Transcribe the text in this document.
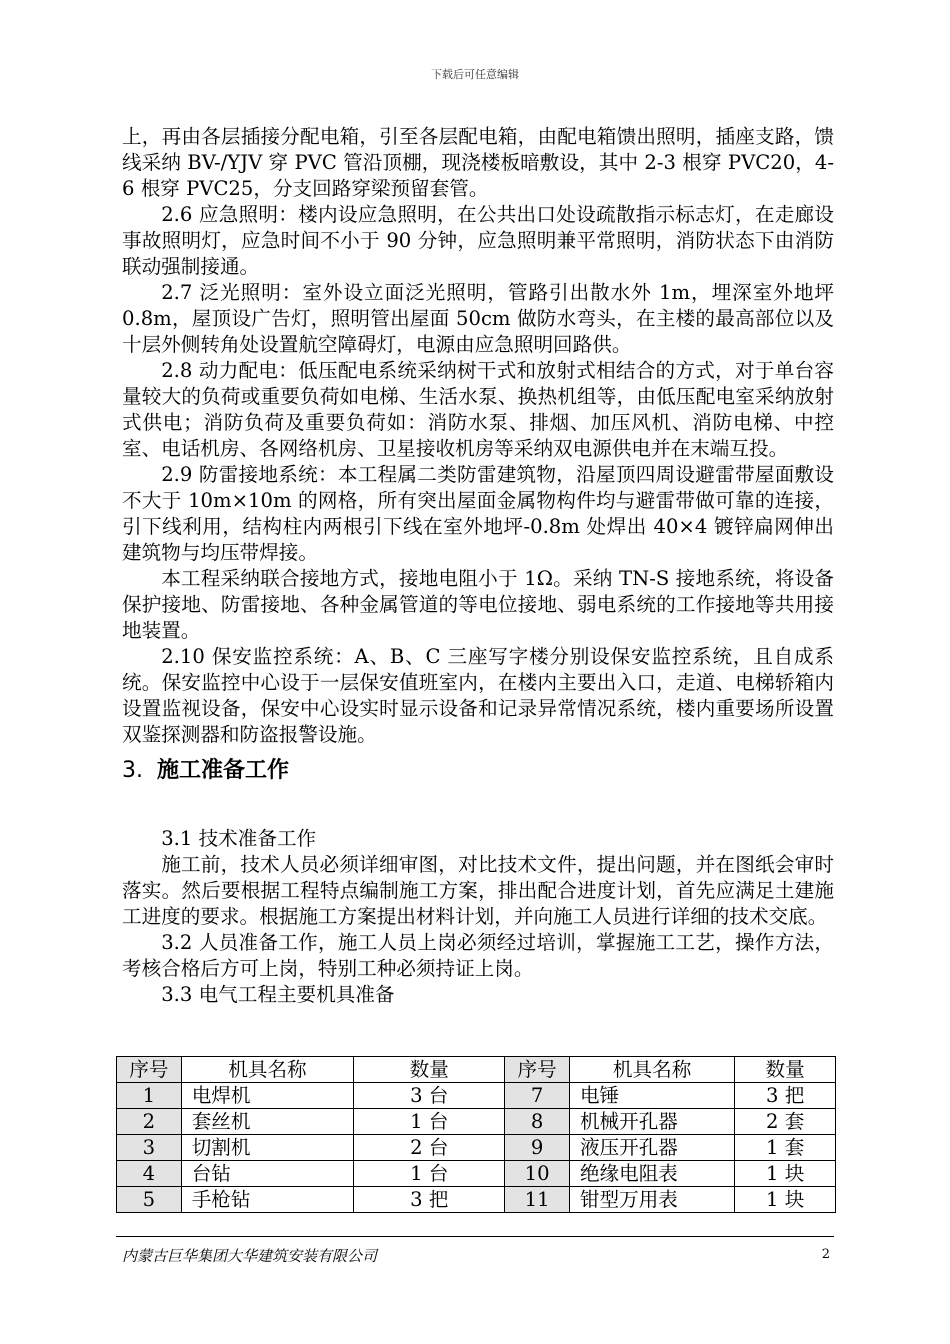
下载后可任意编辑

上，再由各层插接分配电箱，引至各层配电箱，由配电箱馈出照明，插座支路，馈线采纳 BV-/YJV 穿 PVC 管沿顶棚，现浇楼板暗敷设，其中 2-3 根穿 PVC20，4-6 根穿 PVC25，分支回路穿梁预留套管。

2.6 应急照明：楼内设应急照明，在公共出口处设疏散指示标志灯，在走廊设事故照明灯，应急时间不小于 90 分钟，应急照明兼平常照明，消防状态下由消防联动强制接通。

2.7 泛光照明：室外设立面泛光照明，管路引出散水外 1m，埋深室外地坪 0.8m，屋顶设广告灯，照明管出屋面 50cm 做防水弯头，在主楼的最高部位以及十层外侧转角处设置航空障碍灯，电源由应急照明回路供。

2.8 动力配电：低压配电系统采纳树干式和放射式相结合的方式，对于单台容量较大的负荷或重要负荷如电梯、生活水泵、换热机组等，由低压配电室采纳放射式供电；消防负荷及重要负荷如：消防水泵、排烟、加压风机、消防电梯、中控室、电话机房、各网络机房、卫星接收机房等采纳双电源供电并在末端互投。

2.9 防雷接地系统：本工程属二类防雷建筑物，沿屋顶四周设避雷带屋面敷设不大于 10m×10m 的网格，所有突出屋面金属物构件均与避雷带做可靠的连接，引下线利用，结构柱内两根引下线在室外地坪-0.8m 处焊出 40×4 镀锌扁网伸出建筑物与均压带焊接。

本工程采纳联合接地方式，接地电阻小于 1Ω。采纳 TN-S 接地系统，将设备保护接地、防雷接地、各种金属管道的等电位接地、弱电系统的工作接地等共用接地装置。

2.10 保安监控系统：A、B、C 三座写字楼分别设保安监控系统，且自成系统。保安监控中心设于一层保安值班室内，在楼内主要出入口，走道、电梯轿箱内设置监视设备，保安中心设实时显示设备和记录异常情况系统，楼内重要场所设置双鉴探测器和防盗报警设施。

3. 施工准备工作

3.1 技术准备工作

施工前，技术人员必须详细审图，对比技术文件，提出问题，并在图纸会审时落实。然后要根据工程特点编制施工方案，排出配合进度计划，首先应满足土建施工进度的要求。根据施工方案提出材料计划，并向施工人员进行详细的技术交底。

3.2 人员准备工作，施工人员上岗必须经过培训，掌握施工工艺，操作方法，考核合格后方可上岗，特别工种必须持证上岗。

3.3 电气工程主要机具准备

序号	机具名称	数量	序号	机具名称	数量
1	电焊机	3 台	7	电锤	3 把
2	套丝机	1 台	8	机械开孔器	2 套
3	切割机	2 台	9	液压开孔器	1 套
4	台钻	1 台	10	绝缘电阻表	1 块
5	手枪钻	3 把	11	钳型万用表	1 块
内蒙古巨华集团大华建筑安装有限公司	2
